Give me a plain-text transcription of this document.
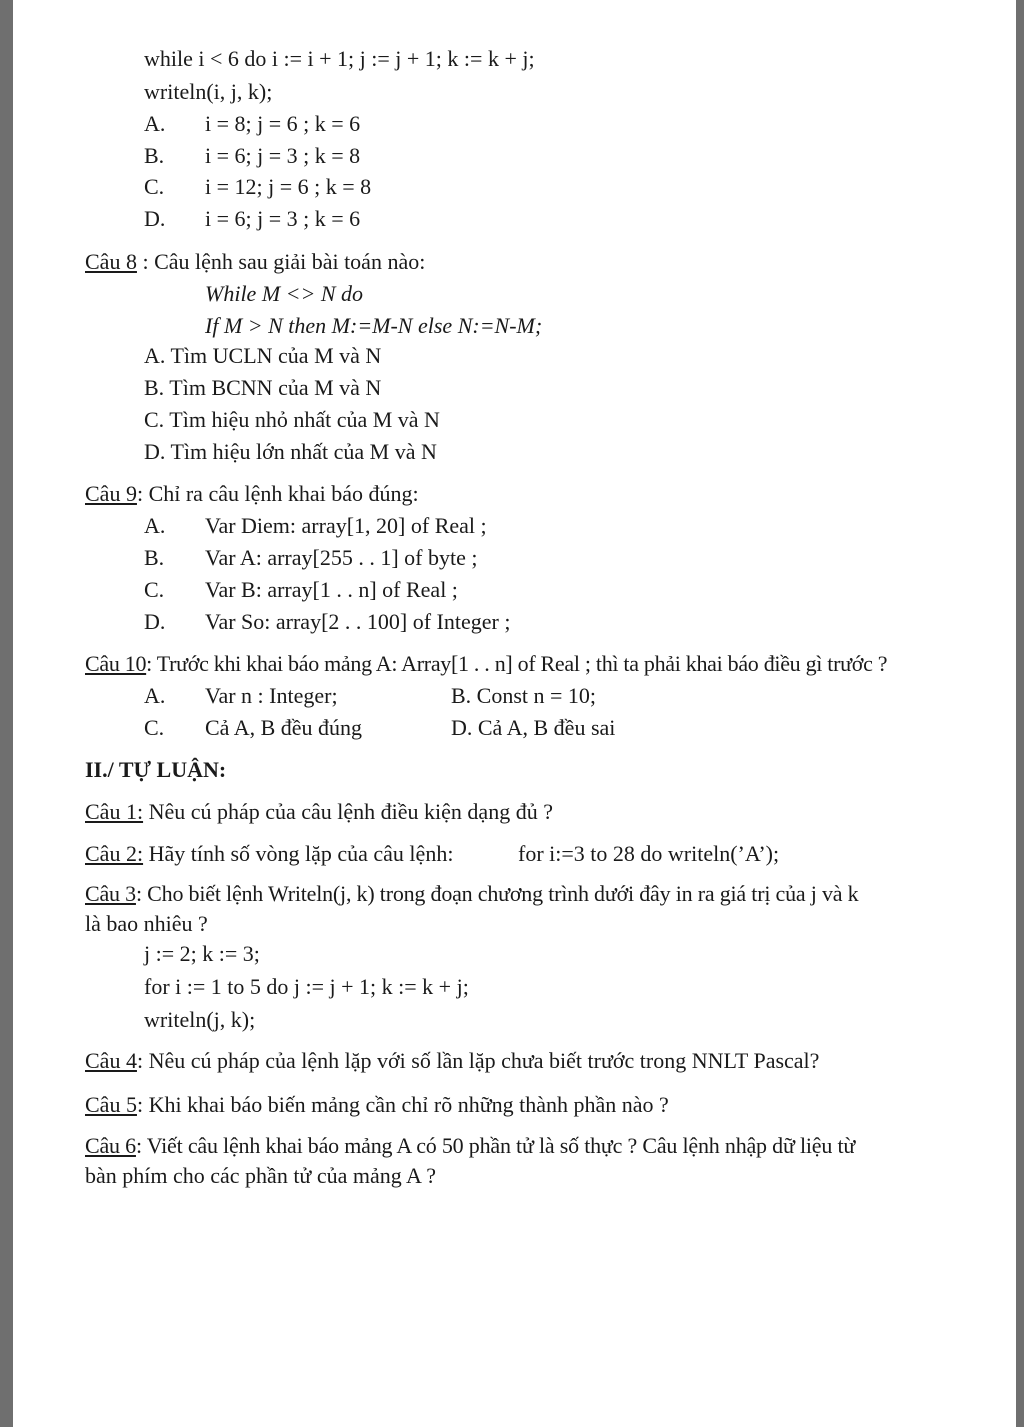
while i < 6 do i := i + 1; j := j + 1; k := k + j;
writeln(i, j, k);
A. i = 8; j = 6 ; k = 6
B. i = 6; j = 3 ; k = 8
C. i = 12; j = 6 ; k = 8
D. i = 6; j = 3 ; k = 6
Câu 8 : Câu lệnh sau giải bài toán nào:
While M <> N do
If M > N then M:=M-N else N:=N-M;
A. Tìm UCLN của M và N
B. Tìm BCNN của M và N
C. Tìm hiệu nhỏ nhất của M và N
D. Tìm hiệu lớn nhất của M và N
Câu 9: Chỉ ra câu lệnh khai báo đúng:
A. Var Diem: array[1, 20] of Real ;
B. Var A: array[255 . . 1] of byte ;
C. Var B: array[1 . . n] of Real ;
D. Var So: array[2 . . 100] of Integer ;
Câu 10: Trước khi khai báo mảng A: Array[1 . . n] of Real ; thì ta phải khai báo điều gì trước ?
A. Var n : Integer;	B. Const n = 10;
C. Cả A, B đều đúng	D. Cả A, B đều sai
II./ TỰ LUẬN:
Câu 1: Nêu cú pháp của câu lệnh điều kiện dạng đủ ?
Câu 2: Hãy tính số vòng lặp của câu lệnh:	for i:=3 to 28 do writeln(’A’);
Câu 3: Cho biết lệnh Writeln(j, k) trong đoạn chương trình dưới đây in ra giá trị của j và k
là bao nhiêu ?
j := 2; k := 3;
for i := 1 to 5 do j := j + 1; k := k + j;
writeln(j, k);
Câu 4: Nêu cú pháp của lệnh lặp với số lần lặp chưa biết trước trong NNLT Pascal?
Câu 5: Khi khai báo biến mảng cần chỉ rõ những thành phần nào ?
Câu 6: Viết câu lệnh khai báo mảng A có 50 phần tử là số thực ? Câu lệnh nhập dữ liệu từ
bàn phím cho các phần tử của mảng A ?
